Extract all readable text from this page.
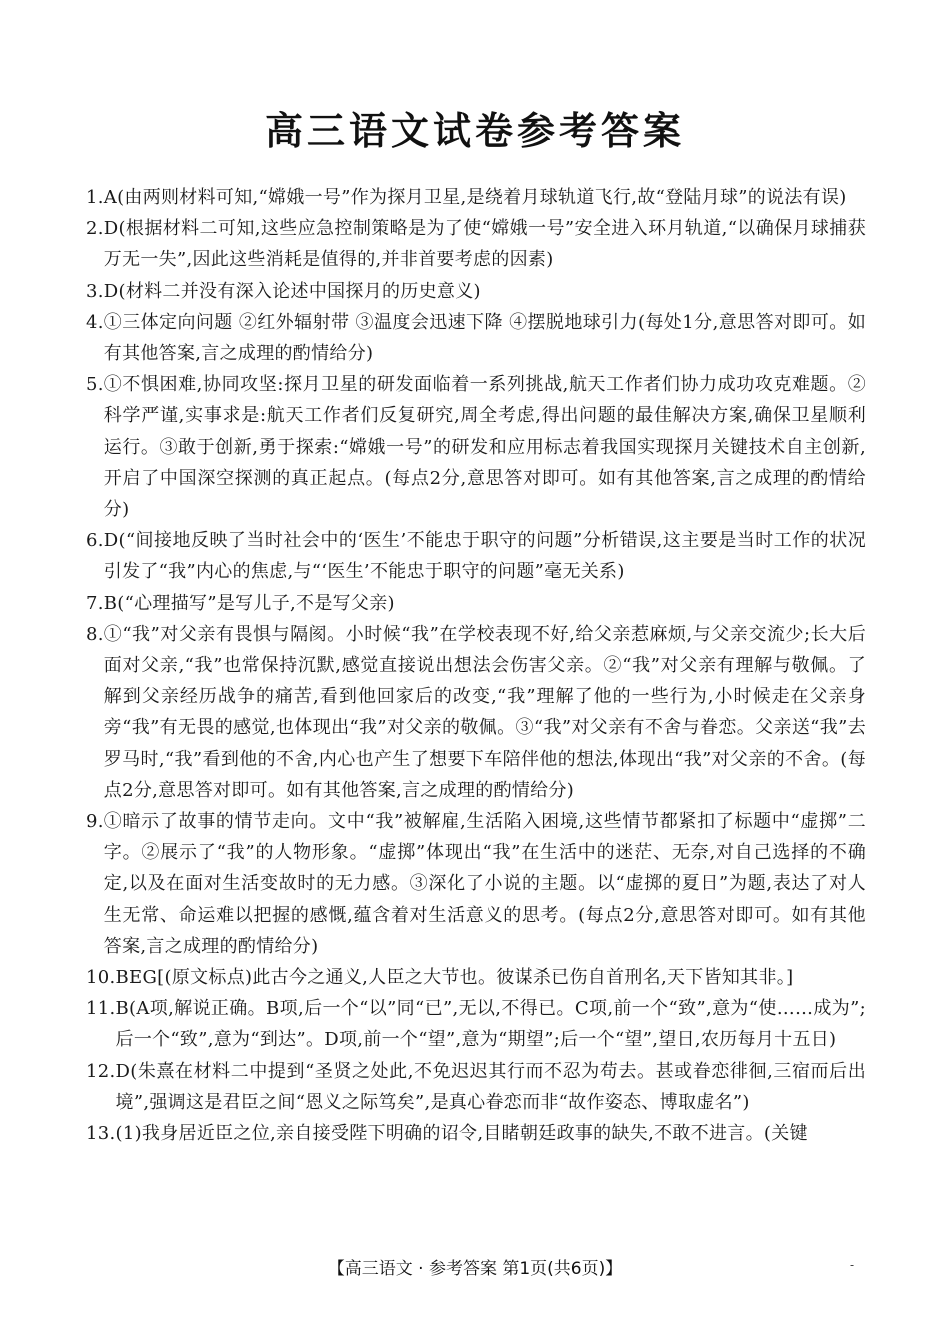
高三语文试卷参考答案
1. A(由两则材料可知,“嫦娥一号”作为探月卫星,是绕着月球轨道飞行,故“登陆月球”的说法有误)
2. D(根据材料二可知,这些应急控制策略是为了使“嫦娥一号”安全进入环月轨道,“以确保月球捕获万无一失”,因此这些消耗是值得的,并非首要考虑的因素)
3. D(材料二并没有深入论述中国探月的历史意义)
4. ①三体定向问题 ②红外辐射带 ③温度会迅速下降 ④摆脱地球引力(每处1分,意思答对即可。如有其他答案,言之成理的酌情给分)
5. ①不惧困难,协同攻坚:探月卫星的研发面临着一系列挑战,航天工作者们协力成功攻克难题。②科学严谨,实事求是:航天工作者们反复研究,周全考虑,得出问题的最佳解决方案,确保卫星顺利运行。③敢于创新,勇于探索:“嫦娥一号”的研发和应用标志着我国实现探月关键技术自主创新,开启了中国深空探测的真正起点。(每点2分,意思答对即可。如有其他答案,言之成理的酌情给分)
6. D(“间接地反映了当时社会中的‘医生’不能忠于职守的问题”分析错误,这主要是当时工作的状况引发了“我”内心的焦虑,与“‘医生’不能忠于职守的问题”毫无关系)
7. B(“心理描写”是写儿子,不是写父亲)
8. ①“我”对父亲有畏惧与隔阂。小时候“我”在学校表现不好,给父亲惹麻烦,与父亲交流少;长大后面对父亲,“我”也常保持沉默,感觉直接说出想法会伤害父亲。②“我”对父亲有理解与敬佩。了解到父亲经历战争的痛苦,看到他回家后的改变,“我”理解了他的一些行为,小时候走在父亲身旁“我”有无畏的感觉,也体现出“我”对父亲的敬佩。③“我”对父亲有不舍与眷恋。父亲送“我”去罗马时,“我”看到他的不舍,内心也产生了想要下车陪伴他的想法,体现出“我”对父亲的不舍。(每点2分,意思答对即可。如有其他答案,言之成理的酌情给分)
9. ①暗示了故事的情节走向。文中“我”被解雇,生活陷入困境,这些情节都紧扣了标题中“虚掷”二字。②展示了“我”的人物形象。“虚掷”体现出“我”在生活中的迷茫、无奈,对自己选择的不确定,以及在面对生活变故时的无力感。③深化了小说的主题。以“虚掷的夏日”为题,表达了对人生无常、命运难以把握的感慨,蕴含着对生活意义的思考。(每点2分,意思答对即可。如有其他答案,言之成理的酌情给分)
10. BEG[(原文标点)此古今之通义,人臣之大节也。彼谋杀已伤自首刑名,天下皆知其非。]
11. B(A项,解说正确。B项,后一个“以”同“已”,无以,不得已。C项,前一个“致”,意为“使……成为”;后一个“致”,意为“到达”。D项,前一个“望”,意为“期望”;后一个“望”,望日,农历每月十五日)
12. D(朱熹在材料二中提到“圣贤之处此,不免迟迟其行而不忍为苟去。甚或眷恋徘徊,三宿而后出境”,强调这是君臣之间“恩义之际笃矣”,是真心眷恋而非“故作姿态、博取虚名”)
13. (1)我身居近臣之位,亲自接受陛下明确的诏令,目睹朝廷政事的缺失,不敢不进言。(关键
【高三语文 · 参考答案 第1页(共6页)】	-
